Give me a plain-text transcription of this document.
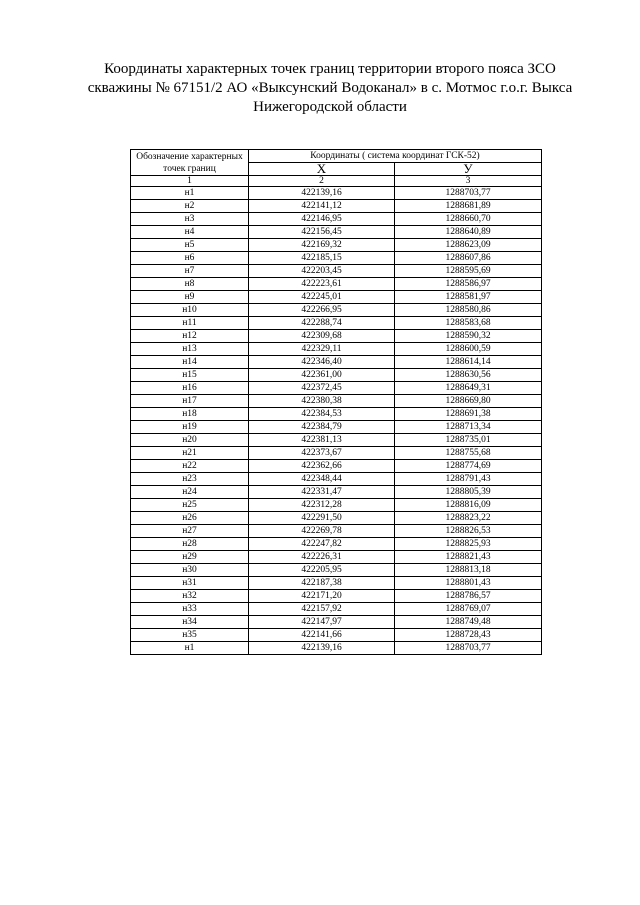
Координаты характерных точек границ территории второго пояса ЗСО
скважины № 67151/2 АО «Выксунский Водоканал» в с. Мотмос г.о.г. Выкса
Нижегородской области
Обозначение характерных точек границ	Координаты ( система координат ГСК-52)	
	X	У
1	2	3
н1	422139,16	1288703,77
н2	422141,12	1288681,89
н3	422146,95	1288660,70
н4	422156,45	1288640,89
н5	422169,32	1288623,09
н6	422185,15	1288607,86
н7	422203,45	1288595,69
н8	422223,61	1288586,97
н9	422245,01	1288581,97
н10	422266,95	1288580,86
н11	422288,74	1288583,68
н12	422309,68	1288590,32
н13	422329,11	1288600,59
н14	422346,40	1288614,14
н15	422361,00	1288630,56
н16	422372,45	1288649,31
н17	422380,38	1288669,80
н18	422384,53	1288691,38
н19	422384,79	1288713,34
н20	422381,13	1288735,01
н21	422373,67	1288755,68
н22	422362,66	1288774,69
н23	422348,44	1288791,43
н24	422331,47	1288805,39
н25	422312,28	1288816,09
н26	422291,50	1288823,22
н27	422269,78	1288826,53
н28	422247,82	1288825,93
н29	422226,31	1288821,43
н30	422205,95	1288813,18
н31	422187,38	1288801,43
н32	422171,20	1288786,57
н33	422157,92	1288769,07
н34	422147,97	1288749,48
н35	422141,66	1288728,43
н1	422139,16	1288703,77
